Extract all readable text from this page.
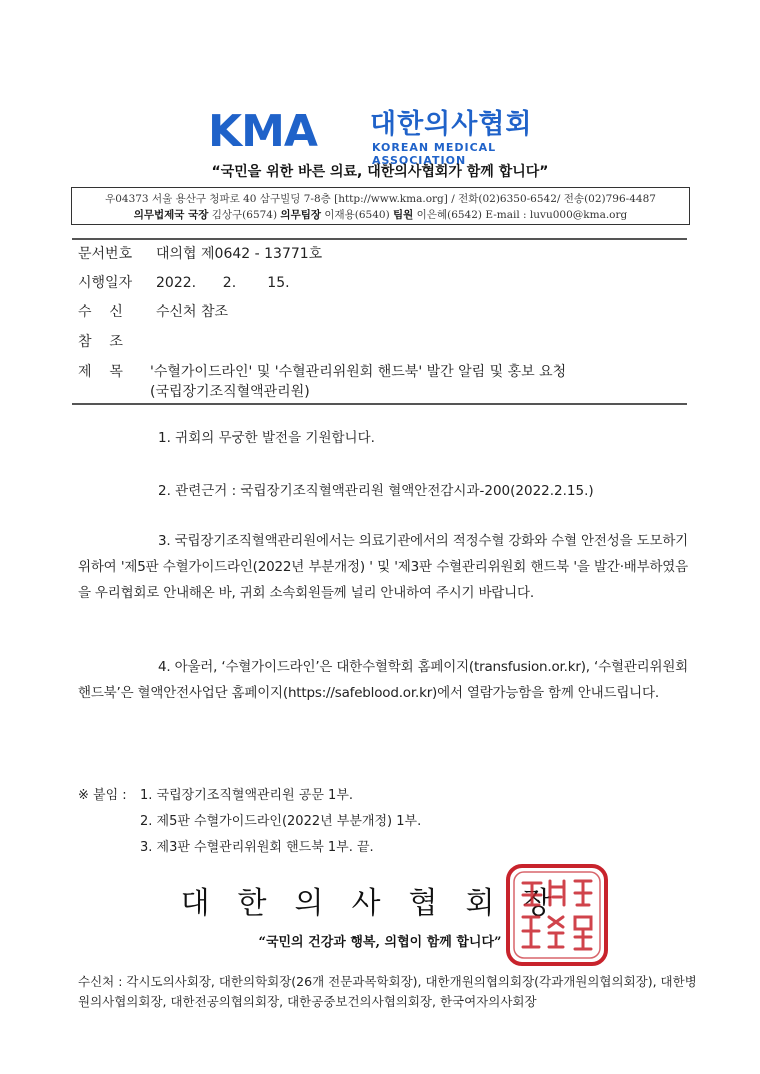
KMA 대한의사협회
KOREAN MEDICAL ASSOCIATION
“국민을 위한 바른 의료, 대한의사협회가 함께 합니다”
우04373 서울 용산구 청파로 40 삼구빌딩 7-8층 [http://www.kma.org] / 전화(02)6350-6542/ 전송(02)796-4487
의무법제국 국장 김상구(6574) 의무팀장 이재용(6540) 팀원 이은혜(6542) E-mail : luvu000@kma.org
문서번호	대의협 제0642 - 13771호
시행일자	2022.      2.       15.
수    신	수신처 참조
참    조
제    목	'수혈가이드라인' 및 '수혈관리위원회 핸드북' 발간 알림 및 홍보 요청
(국립장기조직혈액관리원)
1. 귀회의 무궁한 발전을 기원합니다.
2. 관련근거 : 국립장기조직혈액관리원 혈액안전감시과-200(2022.2.15.)
3. 국립장기조직혈액관리원에서는 의료기관에서의 적정수혈 강화와 수혈 안전성을 도모하기 위하여 '제5판 수혈가이드라인(2022년 부분개정) ' 및 '제3판 수혈관리위원회 핸드북 '을 발간·배부하였음을 우리협회로 안내해온 바, 귀회 소속회원들께 널리 안내하여 주시기 바랍니다.
4. 아울러, ‘수혈가이드라인’은 대한수혈학회 홈페이지(transfusion.or.kr), ‘수혈관리위원회 핸드북’은 혈액안전사업단 홈페이지(https://safeblood.or.kr)에서 열람가능함을 함께 안내드립니다.
※ 붙임 : 1. 국립장기조직혈액관리원 공문 1부.
2. 제5판 수혈가이드라인(2022년 부분개정) 1부.
3. 제3판 수혈관리위원회 핸드북 1부. 끝.
대한의사협회장
“국민의 건강과 행복, 의협이 함께 합니다”
수신처 : 각시도의사회장, 대한의학회장(26개 전문과목학회장), 대한개원의협의회장(각과개원의협의회장), 대한병원의사협의회장, 대한전공의협의회장, 대한공중보건의사협의회장, 한국여자의사회장
